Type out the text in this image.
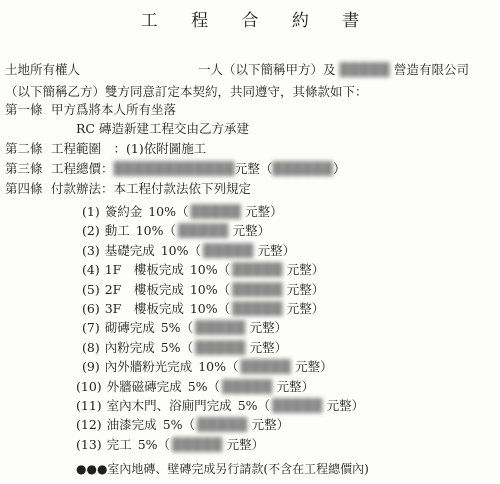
工 程 合 約 書
土地所有權人	一人（以下簡稱甲方）及 █████ 營造有限公司
（以下簡稱乙方）雙方同意訂定本契約，共同遵守，其條款如下：
第一條 甲方爲將本人所有坐落
RC 磚造新建工程交由乙方承建
第二條 工程範圍　：(1)依附圖施工
第三條 工程總價：████████████元整（██████）
第四條 付款辦法：本工程付款法依下列規定
(1) 簽約金 10%（ █████ 元整）
(2) 動工 10%（ █████ 元整）
(3) 基礎完成 10%（ █████ 元整）
(4) 1F　樓板完成 10%（ █████ 元整）
(5) 2F　樓板完成 10%（ █████ 元整）
(6) 3F　樓板完成 10%（ █████ 元整）
(7) 砌磚完成 5%（ █████ 元整）
(8) 內粉完成 5%（ █████ 元整）
(9) 內外牆粉光完成 10%（ █████ 元整）
(10) 外牆磁磚完成 5%（ █████ 元整）
(11) 室內木門、浴廁門完成 5%（ █████ 元整）
(12) 油漆完成 5%（ █████ 元整）
(13) 完工 5%（ █████ 元整）
●●●室內地磚、壁磚完成另行請款(不含在工程總價內)
